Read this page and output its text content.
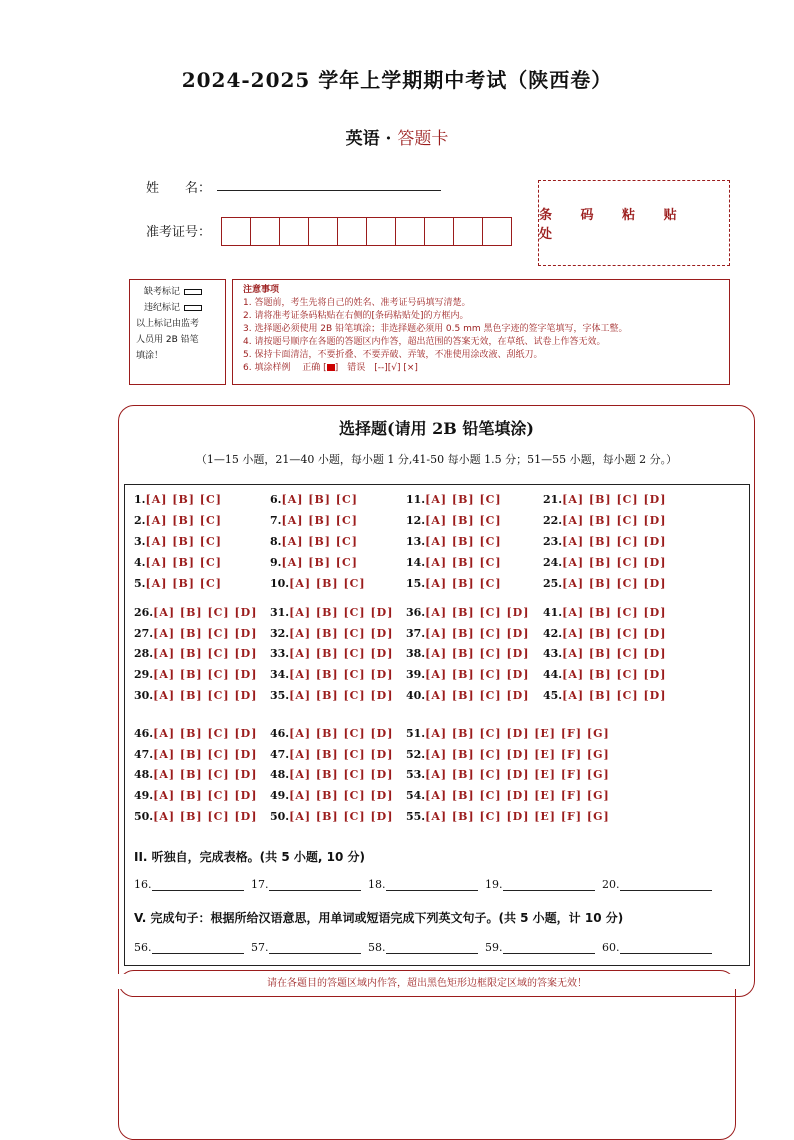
2024-2025 学年上学期期中考试（陕西卷）
英语 · 答题卡
姓　　名：
准考证号：
条 码 粘 贴 处
缺考标记
违纪标记
以上标记由监考
人员用 2B 铅笔
填涂！
注意事项
1. 答题前，考生先将自己的姓名、准考证号码填写清楚。
2. 请将准考证条码粘贴在右侧的[条码粘贴处]的方框内。
3. 选择题必须使用 2B 铅笔填涂；非选择题必须用 0.5 mm 黑色字迹的签字笔填写，字体工整。
4. 请按题号顺序在各题的答题区内作答，超出范围的答案无效，在草纸、试卷上作答无效。
5. 保持卡面清洁，不要折叠、不要弄破、弄皱，不准使用涂改液、刮纸刀。
6. 填涂样例　 正确 [ ]　错误　[--][√] [×]
选择题(请用 2B 铅笔填涂)
（1—15 小题，21—40 小题，每小题 1 分,41-50 每小题 1.5 分；51—55 小题，每小题 2 分。）
II. 听独自，完成表格。(共 5 小题, 10 分)
16.	17.	18.	19.	20.
V. 完成句子：根据所给汉语意思，用单词或短语完成下列英文句子。(共 5 小题，计 10 分)
56.	57.	58.	59.	60.
1.[A] [B] [C]	6.[A] [B] [C]	11.[A] [B] [C]	21.[A] [B] [C] [D]
2.[A] [B] [C]	7.[A] [B] [C]	12.[A] [B] [C]	22.[A] [B] [C] [D]
3.[A] [B] [C]	8.[A] [B] [C]	13.[A] [B] [C]	23.[A] [B] [C] [D]
4.[A] [B] [C]	9.[A] [B] [C]	14.[A] [B] [C]	24.[A] [B] [C] [D]
5.[A] [B] [C]	10.[A] [B] [C]	15.[A] [B] [C]	25.[A] [B] [C] [D]
26.[A] [B] [C] [D] 31.[A] [B] [C] [D] 36.[A] [B] [C] [D] 41.[A] [B] [C] [D]
27.[A] [B] [C] [D] 32.[A] [B] [C] [D] 37.[A] [B] [C] [D] 42.[A] [B] [C] [D]
28.[A] [B] [C] [D] 33.[A] [B] [C] [D] 38.[A] [B] [C] [D] 43.[A] [B] [C] [D]
29.[A] [B] [C] [D] 34.[A] [B] [C] [D] 39.[A] [B] [C] [D] 44.[A] [B] [C] [D]
30.[A] [B] [C] [D] 35.[A] [B] [C] [D] 40.[A] [B] [C] [D] 45.[A] [B] [C] [D]
46.[A] [B] [C] [D] 46.[A] [B] [C] [D] 51.[A] [B] [C] [D] [E] [F] [G]
47.[A] [B] [C] [D] 47.[A] [B] [C] [D] 52.[A] [B] [C] [D] [E] [F] [G]
48.[A] [B] [C] [D] 48.[A] [B] [C] [D] 53.[A] [B] [C] [D] [E] [F] [G]
49.[A] [B] [C] [D] 49.[A] [B] [C] [D] 54.[A] [B] [C] [D] [E] [F] [G]
50.[A] [B] [C] [D] 50.[A] [B] [C] [D] 55.[A] [B] [C] [D] [E] [F] [G]
请在各题目的答题区域内作答，超出黑色矩形边框限定区域的答案无效！
